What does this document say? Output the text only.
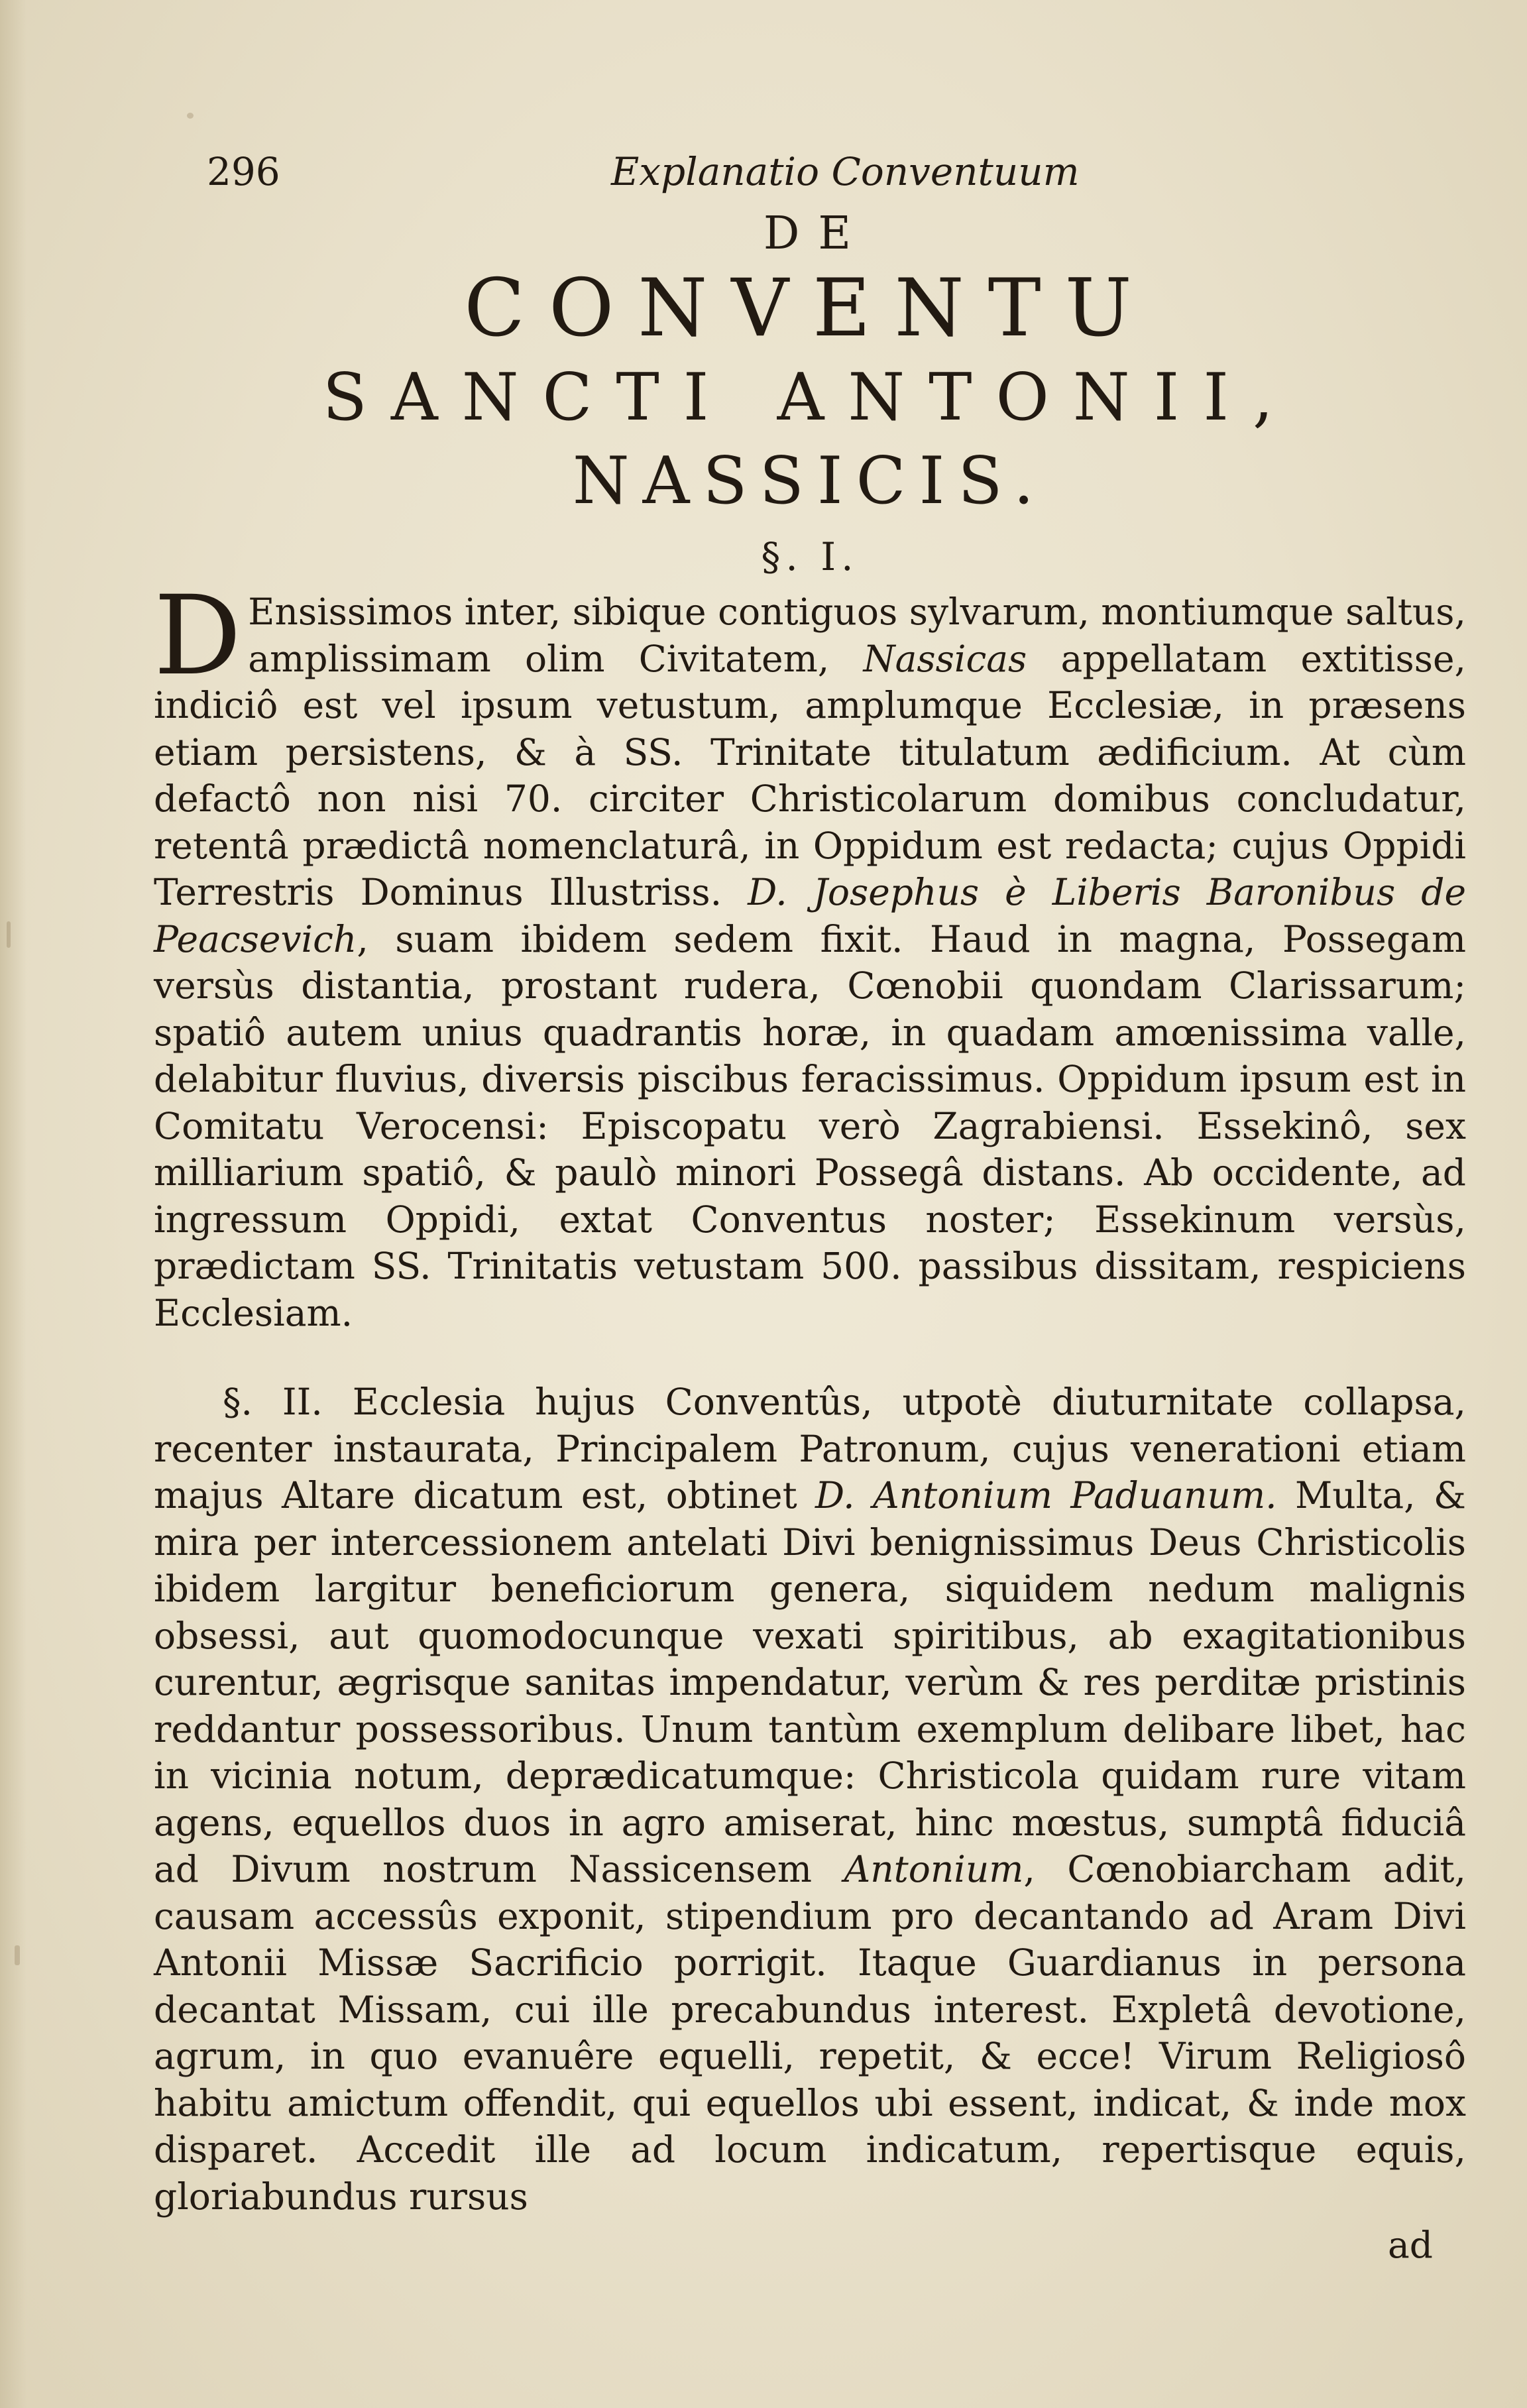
296	Explanatio Conventuum
DE
CONVENTU
SANCTI ANTONII,
NASSICIS.
§. I.

D Ensissimos inter, sibique contiguos sylvarum, montiumque saltus, amplissimam olim Civitatem, Nassicas appellatam extitisse, indiciô est vel ipsum vetustum, amplumque Ecclesiæ, in præsens etiam persistens, & à SS. Trinitate titulatum ædificium. At cùm defactô non nisi 70. circiter Christicolarum domibus concludatur, retentâ prædictâ nomenclaturâ, in Oppidum est redacta; cujus Oppidi Terrestris Dominus Illustriss. D. Josephus è Liberis Baronibus de Peacsevich, suam ibidem sedem fixit. Haud in magna, Possegam versùs distantia, prostant rudera, Cœnobii quondam Clarissarum; spatiô autem unius quadrantis horæ, in quadam amœnissima valle, delabitur fluvius, diversis piscibus feracissimus. Oppidum ipsum est in Comitatu Verocensi: Episcopatu verò Zagrabiensi. Essekinô, sex milliarium spatiô, & paulò minori Possegâ distans. Ab occidente, ad ingressum Oppidi, extat Conventus noster; Essekinum versùs, prædictam SS. Trinitatis vetustam 500. passibus dissitam, respiciens Ecclesiam.

§. II. Ecclesia hujus Conventûs, utpotè diuturnitate collapsa, recenter instaurata, Principalem Patronum, cujus venerationi etiam majus Altare dicatum est, obtinet D. Antonium Paduanum. Multa, & mira per intercessionem antelati Divi benignissimus Deus Christicolis ibidem largitur beneficiorum genera, siquidem nedum malignis obsessi, aut quomodocunque vexati spiritibus, ab exagitationibus curentur, ægrisque sanitas impendatur, verùm & res perditæ pristinis reddantur possessoribus. Unum tantùm exemplum delibare libet, hac in vicinia notum, deprædicatumque: Christicola quidam rure vitam agens, equellos duos in agro amiserat, hinc mœstus, sumptâ fiduciâ ad Divum nostrum Nassicensem Antonium, Cœnobiarcham adit, causam accessûs exponit, stipendium pro decantando ad Aram Divi Antonii Missæ Sacrificio porrigit. Itaque Guardianus in persona decantat Missam, cui ille precabundus interest. Expletâ devotione, agrum, in quo evanuêre equelli, repetit, & ecce! Virum Religiosô habitu amictum offendit, qui equellos ubi essent, indicat, & inde mox disparet. Accedit ille ad locum indicatum, repertisque equis, gloriabundus rursus

ad
